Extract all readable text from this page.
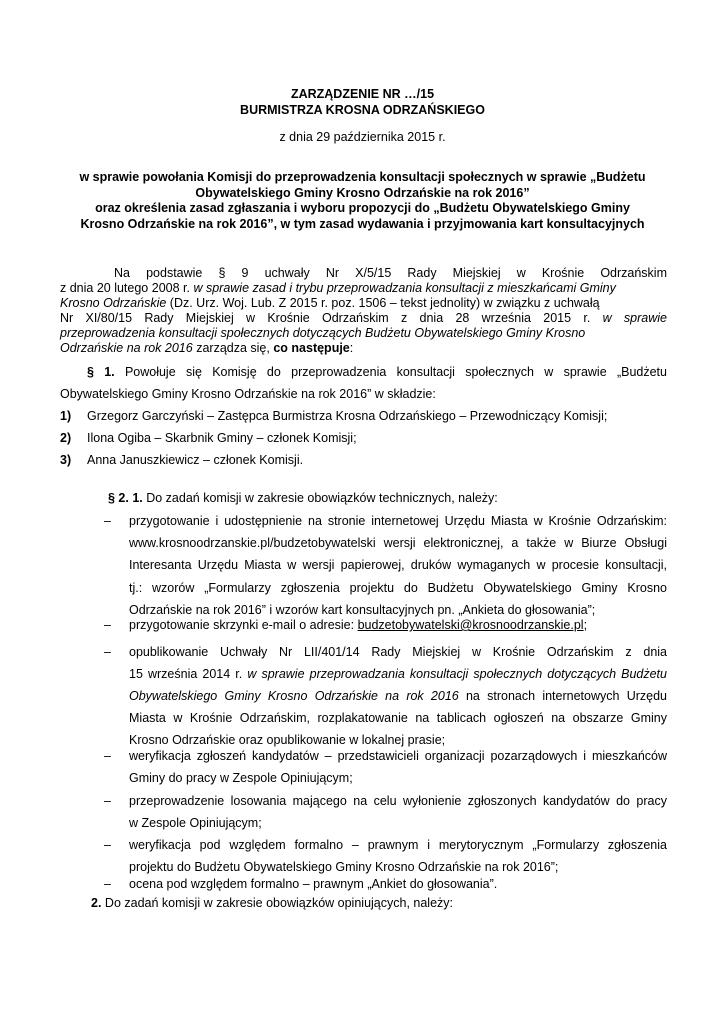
ZARZĄDZENIE NR …/15
BURMISTRZA KROSNA ODRZAŃSKIEGO
z dnia 29 października 2015 r.
w sprawie powołania Komisji do przeprowadzenia konsultacji społecznych w sprawie „Budżetu
Obywatelskiego Gminy Krosno Odrzańskie na rok 2016”
oraz określenia zasad zgłaszania i wyboru propozycji do „Budżetu Obywatelskiego Gminy
Krosno Odrzańskie na rok 2016”, w tym zasad wydawania i przyjmowania kart konsultacyjnych
Na podstawie § 9 uchwały Nr X/5/15 Rady Miejskiej w Krośnie Odrzańskim
z dnia 20 lutego 2008 r. w sprawie zasad i trybu przeprowadzania konsultacji z mieszkańcami Gminy
Krosno Odrzańskie (Dz. Urz. Woj. Lub. Z 2015 r. poz. 1506 – tekst jednolity) w związku z uchwałą
Nr XI/80/15 Rady Miejskiej w Krośnie Odrzańskim z dnia 28 września 2015 r. w sprawie
przeprowadzenia konsultacji społecznych dotyczących Budżetu Obywatelskiego Gminy Krosno
Odrzańskie na rok 2016 zarządza się, co następuje:
§ 1. Powołuje się Komisję do przeprowadzenia konsultacji społecznych w sprawie „Budżetu
Obywatelskiego Gminy Krosno Odrzańskie na rok 2016” w składzie:
1) Grzegorz Garczyński – Zastępca Burmistrza Krosna Odrzańskiego – Przewodniczący Komisji;
2) Ilona Ogiba – Skarbnik Gminy – członek Komisji;
3) Anna Januszkiewicz – członek Komisji.
§ 2. 1. Do zadań komisji w zakresie obowiązków technicznych, należy:
– przygotowanie i udostępnienie na stronie internetowej Urzędu Miasta w Krośnie Odrzańskim:
www.krosnoodrzanskie.pl/budzetobywatelski wersji elektronicznej, a także w Biurze Obsługi
Interesanta Urzędu Miasta w wersji papierowej, druków wymaganych w procesie konsultacji,
tj.: wzorów „Formularzy zgłoszenia projektu do Budżetu Obywatelskiego Gminy Krosno
Odrzańskie na rok 2016” i wzorów kart konsultacyjnych pn. „Ankieta do głosowania”;
– przygotowanie skrzynki e-mail o adresie: budzetobywatelski@krosnoodrzanskie.pl;
– opublikowanie Uchwały Nr LII/401/14 Rady Miejskiej w Krośnie Odrzańskim z dnia
15 września 2014 r. w sprawie przeprowadzania konsultacji społecznych dotyczących Budżetu
Obywatelskiego Gminy Krosno Odrzańskie na rok 2016 na stronach internetowych Urzędu
Miasta w Krośnie Odrzańskim, rozplakatowanie na tablicach ogłoszeń na obszarze Gminy
Krosno Odrzańskie oraz opublikowanie w lokalnej prasie;
– weryfikacja zgłoszeń kandydatów – przedstawicieli organizacji pozarządowych i mieszkańców
Gminy do pracy w Zespole Opiniującym;
– przeprowadzenie losowania mającego na celu wyłonienie zgłoszonych kandydatów do pracy
w Zespole Opiniującym;
– weryfikacja pod względem formalno – prawnym i merytorycznym „Formularzy zgłoszenia
projektu do Budżetu Obywatelskiego Gminy Krosno Odrzańskie na rok 2016”;
– ocena pod względem formalno – prawnym „Ankiet do głosowania”.
2. Do zadań komisji w zakresie obowiązków opiniujących, należy:
